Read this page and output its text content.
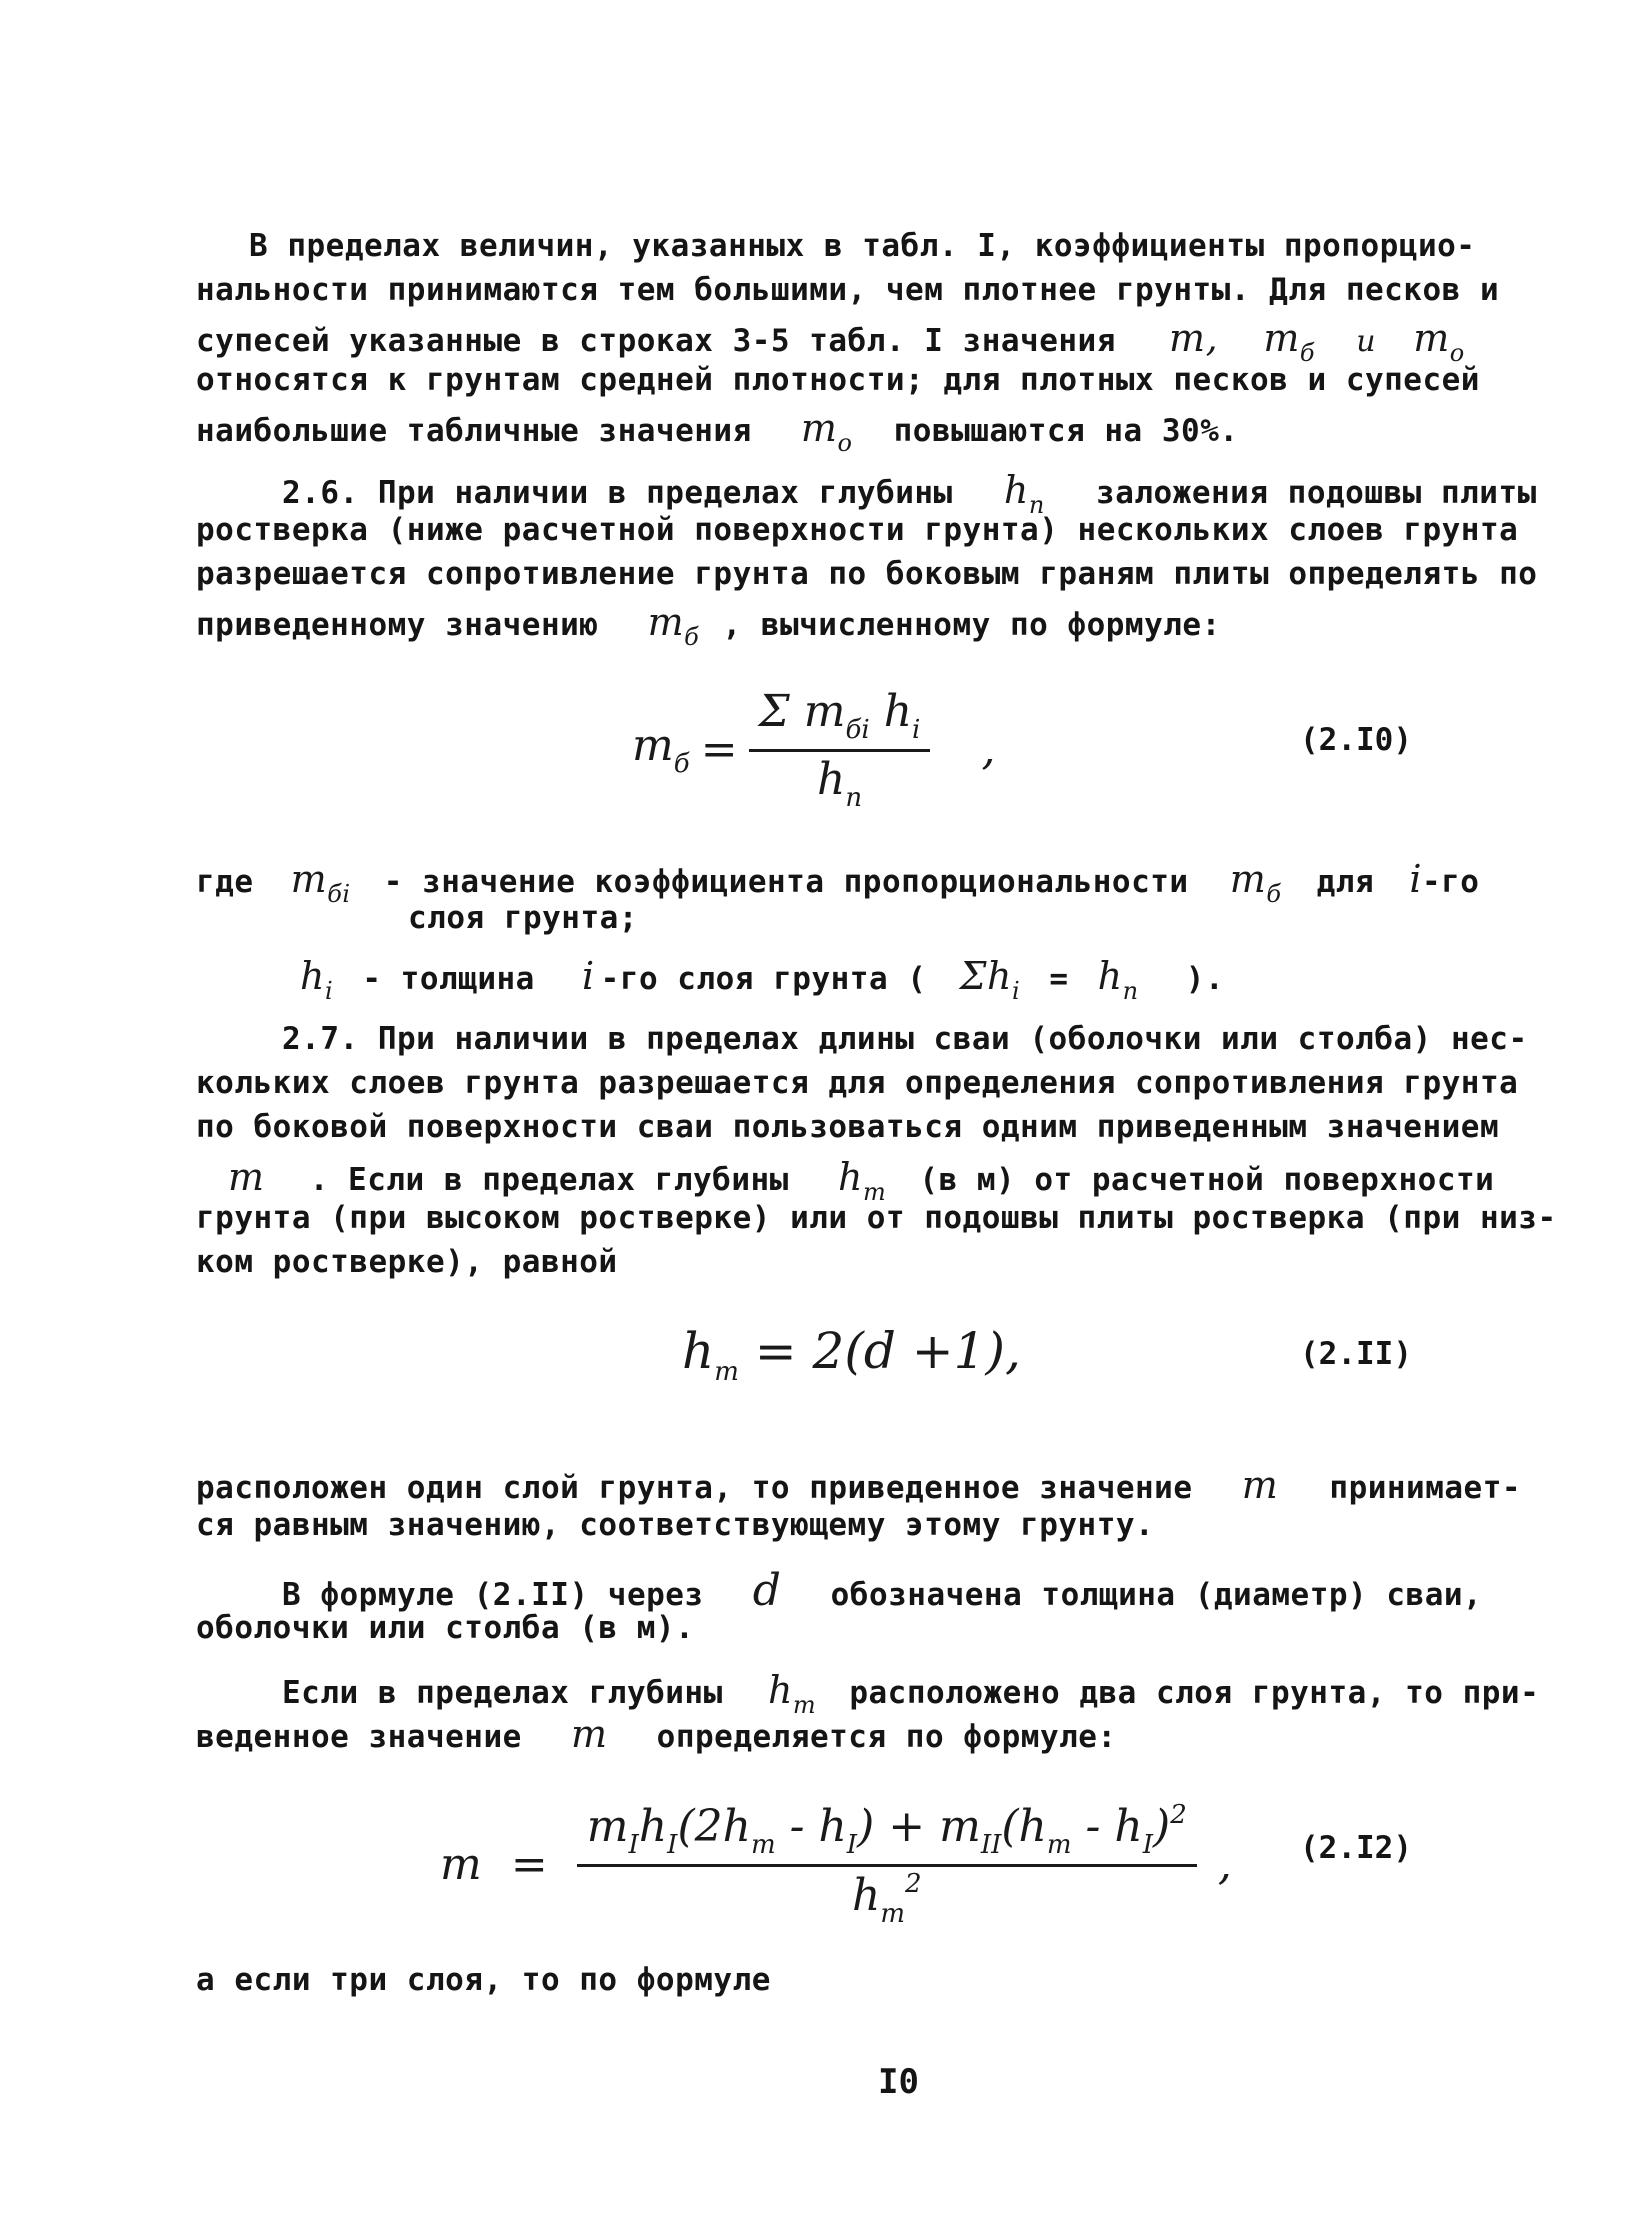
В пределах величин, указанных в табл. I, коэффициенты пропорцио-
нальности принимаются тем большими, чем плотнее грунты. Для песков и
супесей указанные в строках 3-5 табл. I значения m, $m_б$ и $m_o$
относятся к грунтам средней плотности; для плотных песков и супесей
наибольшие табличные значения $m_o$ повышаются на 30%.
2.6. При наличии в пределах глубины $h_п$ заложения подошвы плиты
ростверка (ниже расчетной поверхности грунта) нескольких слоев грунта
разрешается сопротивление грунта по боковым граням плиты определять по
приведенному значению $m_б$ , вычисленному по формуле:
$m_б = \frac{\Sigma m_{бi} h_i}{h_п}$ ,	(2.I0)
где $m_{бi}$ - значение коэффициента пропорциональности $m_б$ для i-го
слоя грунта;
$h_i$ - толщина i -го слоя грунта ( $\Sigma h_i = h_п$ ).
2.7. При наличии в пределах длины сваи (оболочки или столба) нес-
кольких слоев грунта разрешается для определения сопротивления грунта
по боковой поверхности сваи пользоваться одним приведенным значением
m . Если в пределах глубины $h_m$ (в м) от расчетной поверхности
грунта (при высоком ростверке) или от подошвы плиты ростверка (при низ-
ком ростверке), равной
$h_m = 2(d +1)$,	(2.II)
расположен один слой грунта, то приведенное значение m принимает-
ся равным значению, соответствующему этому грунту.
В формуле (2.II) через d обозначена толщина (диаметр) сваи,
оболочки или столба (в м).
Если в пределах глубины $h_m$ расположено два слоя грунта, то при-
веденное значение m определяется по формуле:
$m = \frac{m_Ih_I(2h_m - h_I) + m_{II}(h_m - h_I)^2}{h_m^2}$ , (2.I2)
а если три слоя, то по формуле
I0
